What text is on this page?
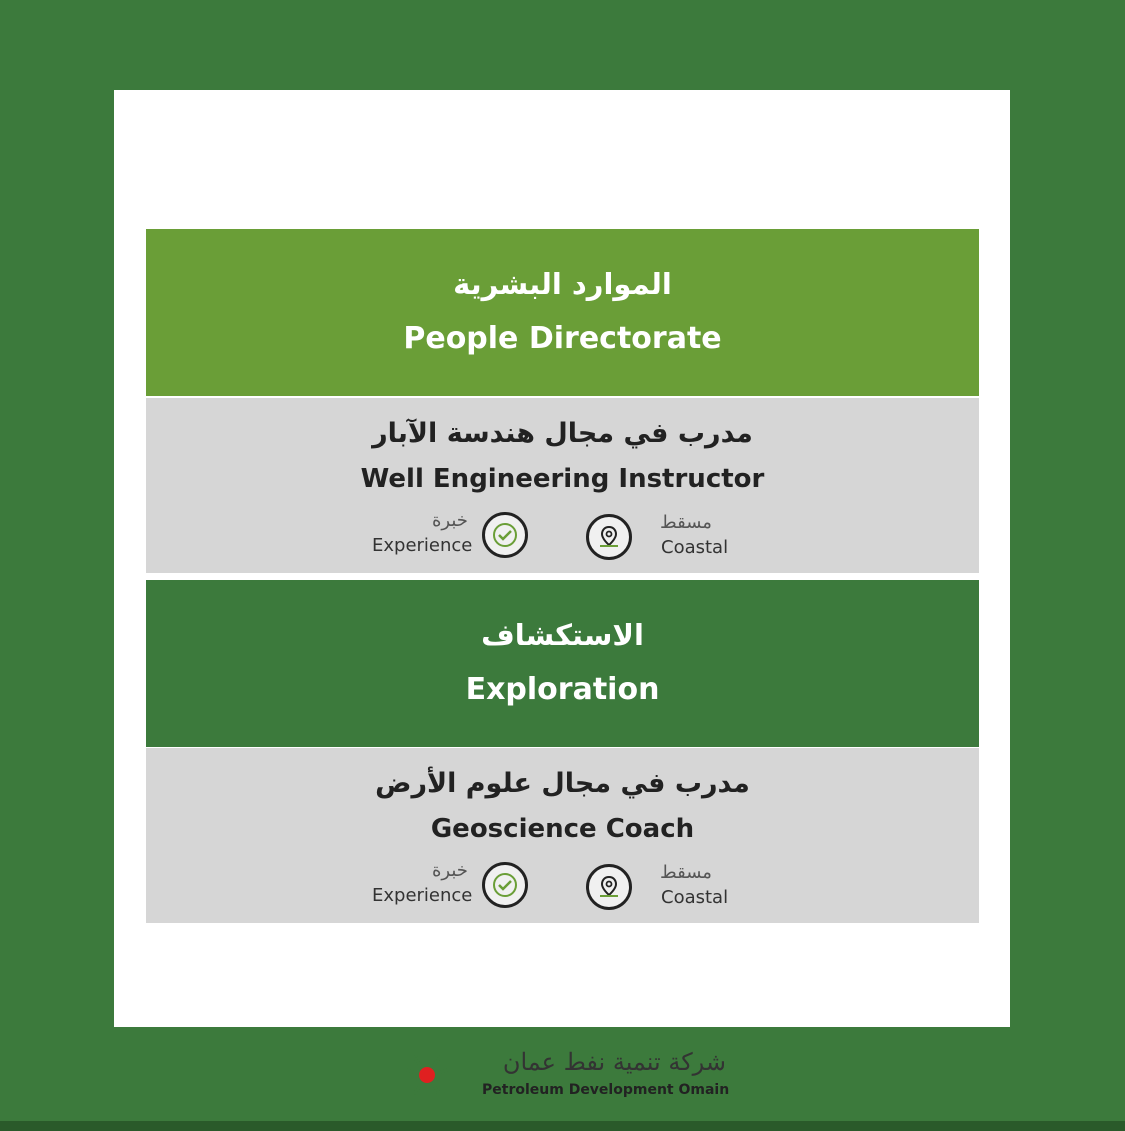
الموارد البشرية
People Directorate
مدرب في مجال هندسة الآبار
Well Engineering Instructor
خبرة
Experience
مسقط
Coastal
الاستكشاف
Exploration
مدرب في مجال علوم الأرض
Geoscience Coach
خبرة
Experience
مسقط
Coastal
شركة تنمية نفط عمان
Petroleum Development Omain
